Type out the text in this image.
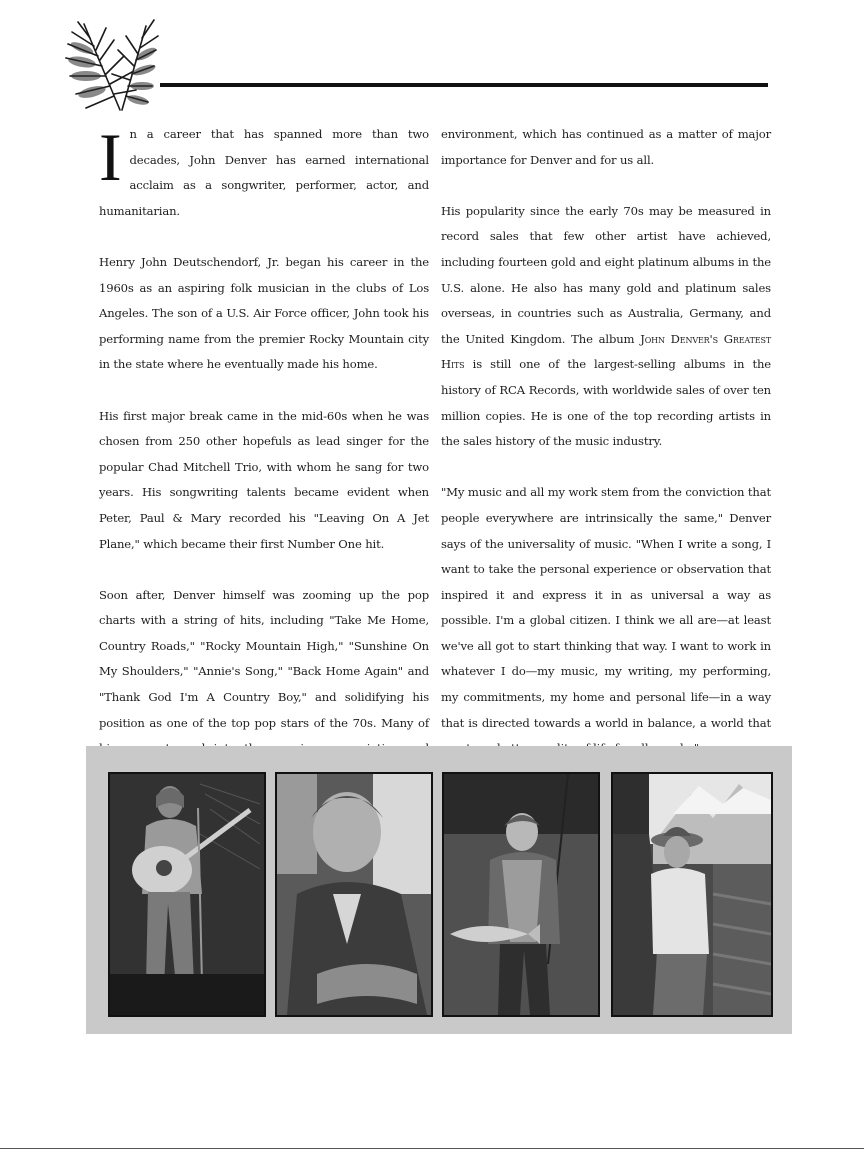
In a career that has spanned more than two decades, John Denver has earned international acclaim as a songwriter, performer, actor, and humanitarian.

Henry John Deutschendorf, Jr. began his career in the 1960s as an aspiring folk musician in the clubs of Los Angeles. The son of a U.S. Air Force officer, John took his performing name from the premier Rocky Mountain city in the state where he eventually made his home.

His first major break came in the mid-60s when he was chosen from 250 other hopefuls as lead singer for the popular Chad Mitchell Trio, with whom he sang for two years. His songwriting talents became evident when Peter, Paul & Mary recorded his "Leaving On A Jet Plane," which became their first Number One hit.

Soon after, Denver himself was zooming up the pop charts with a string of hits, including "Take Me Home, Country Roads," "Rocky Mountain High," "Sunshine On My Shoulders," "Annie's Song," "Back Home Again" and "Thank God I'm A Country Boy," and solidifying his position as one of the top pop stars of the 70s. Many of

environment, which has continued as a matter of major importance for Denver and for us all.

His popularity since the early 70s may be measured in record sales that few other artist have achieved, including fourteen gold and eight platinum albums in the U.S. alone. He also has many gold and platinum sales overseas, in countries such as Australia, Germany, and the United Kingdom. The album John Denver's Greatest Hits is still one of the largest-selling albums in the history of RCA Records, with worldwide sales of over ten million copies. He is one of the top recording artists in the sales history of the music industry.

"My music and all my work stem from the conviction that people everywhere are intrinsically the same," Denver says of the universality of music. "When I write a song, I want to take the personal experience or observation that inspired it and express it in as universal a way as possible. I'm a global citizen. I think we all are—at least we've all got to start thinking that way. I want to work in whatever I do—my music, my writing, my performing, my commitments, my home and personal life—in a way that is directed towards a world in balance, a world that
